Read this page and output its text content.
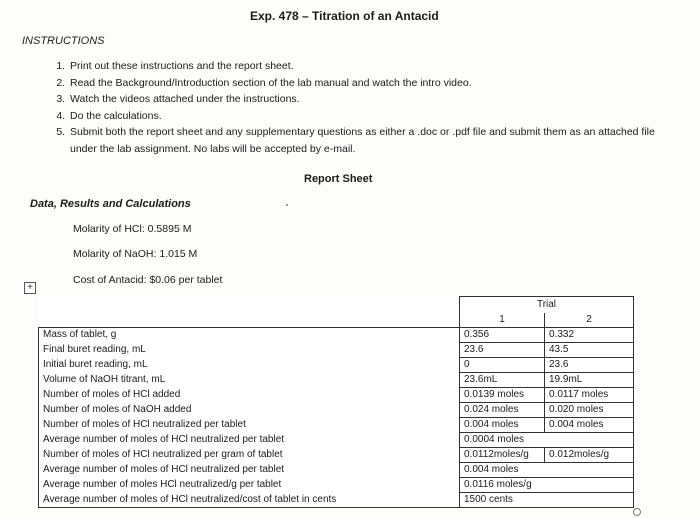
Exp. 478 – Titration of an Antacid
INSTRUCTIONS
1. Print out these instructions and the report sheet.
2. Read the Background/Introduction section of the lab manual and watch the intro video.
3. Watch the videos attached under the instructions.
4. Do the calculations.
5. Submit both the report sheet and any supplementary questions as either a .doc or .pdf file and submit them as an attached file under the lab assignment. No labs will be accepted by e-mail.
Report Sheet
Data, Results and Calculations
Molarity of HCl: 0.5895 M
Molarity of NaOH: 1.015 M
Cost of Antacid: $0.06 per tablet
+
	Trial	
	1	2
Mass of tablet, g	0.356	0.332
Final buret reading, mL	23.6	43.5
Initial buret reading, mL	0	23.6
Volume of NaOH titrant, mL	23.6mL	19.9mL
Number of moles of HCl added	0.0139 moles	0.0117 moles
Number of moles of NaOH added	0.024 moles	0.020 moles
Number of moles of HCl neutralized per tablet	0.004 moles	0.004 moles
Average number of moles of HCl neutralized per tablet	0.0004 moles	
Number of moles of HCl neutralized per gram of tablet	0.0112moles/g	0.012moles/g
Average number of moles of HCl neutralized per tablet	0.004 moles	
Average number of moles HCl neutralized/g per tablet	0.0116 moles/g	
Average number of moles of HCl neutralized/cost of tablet in cents	1500 cents	
